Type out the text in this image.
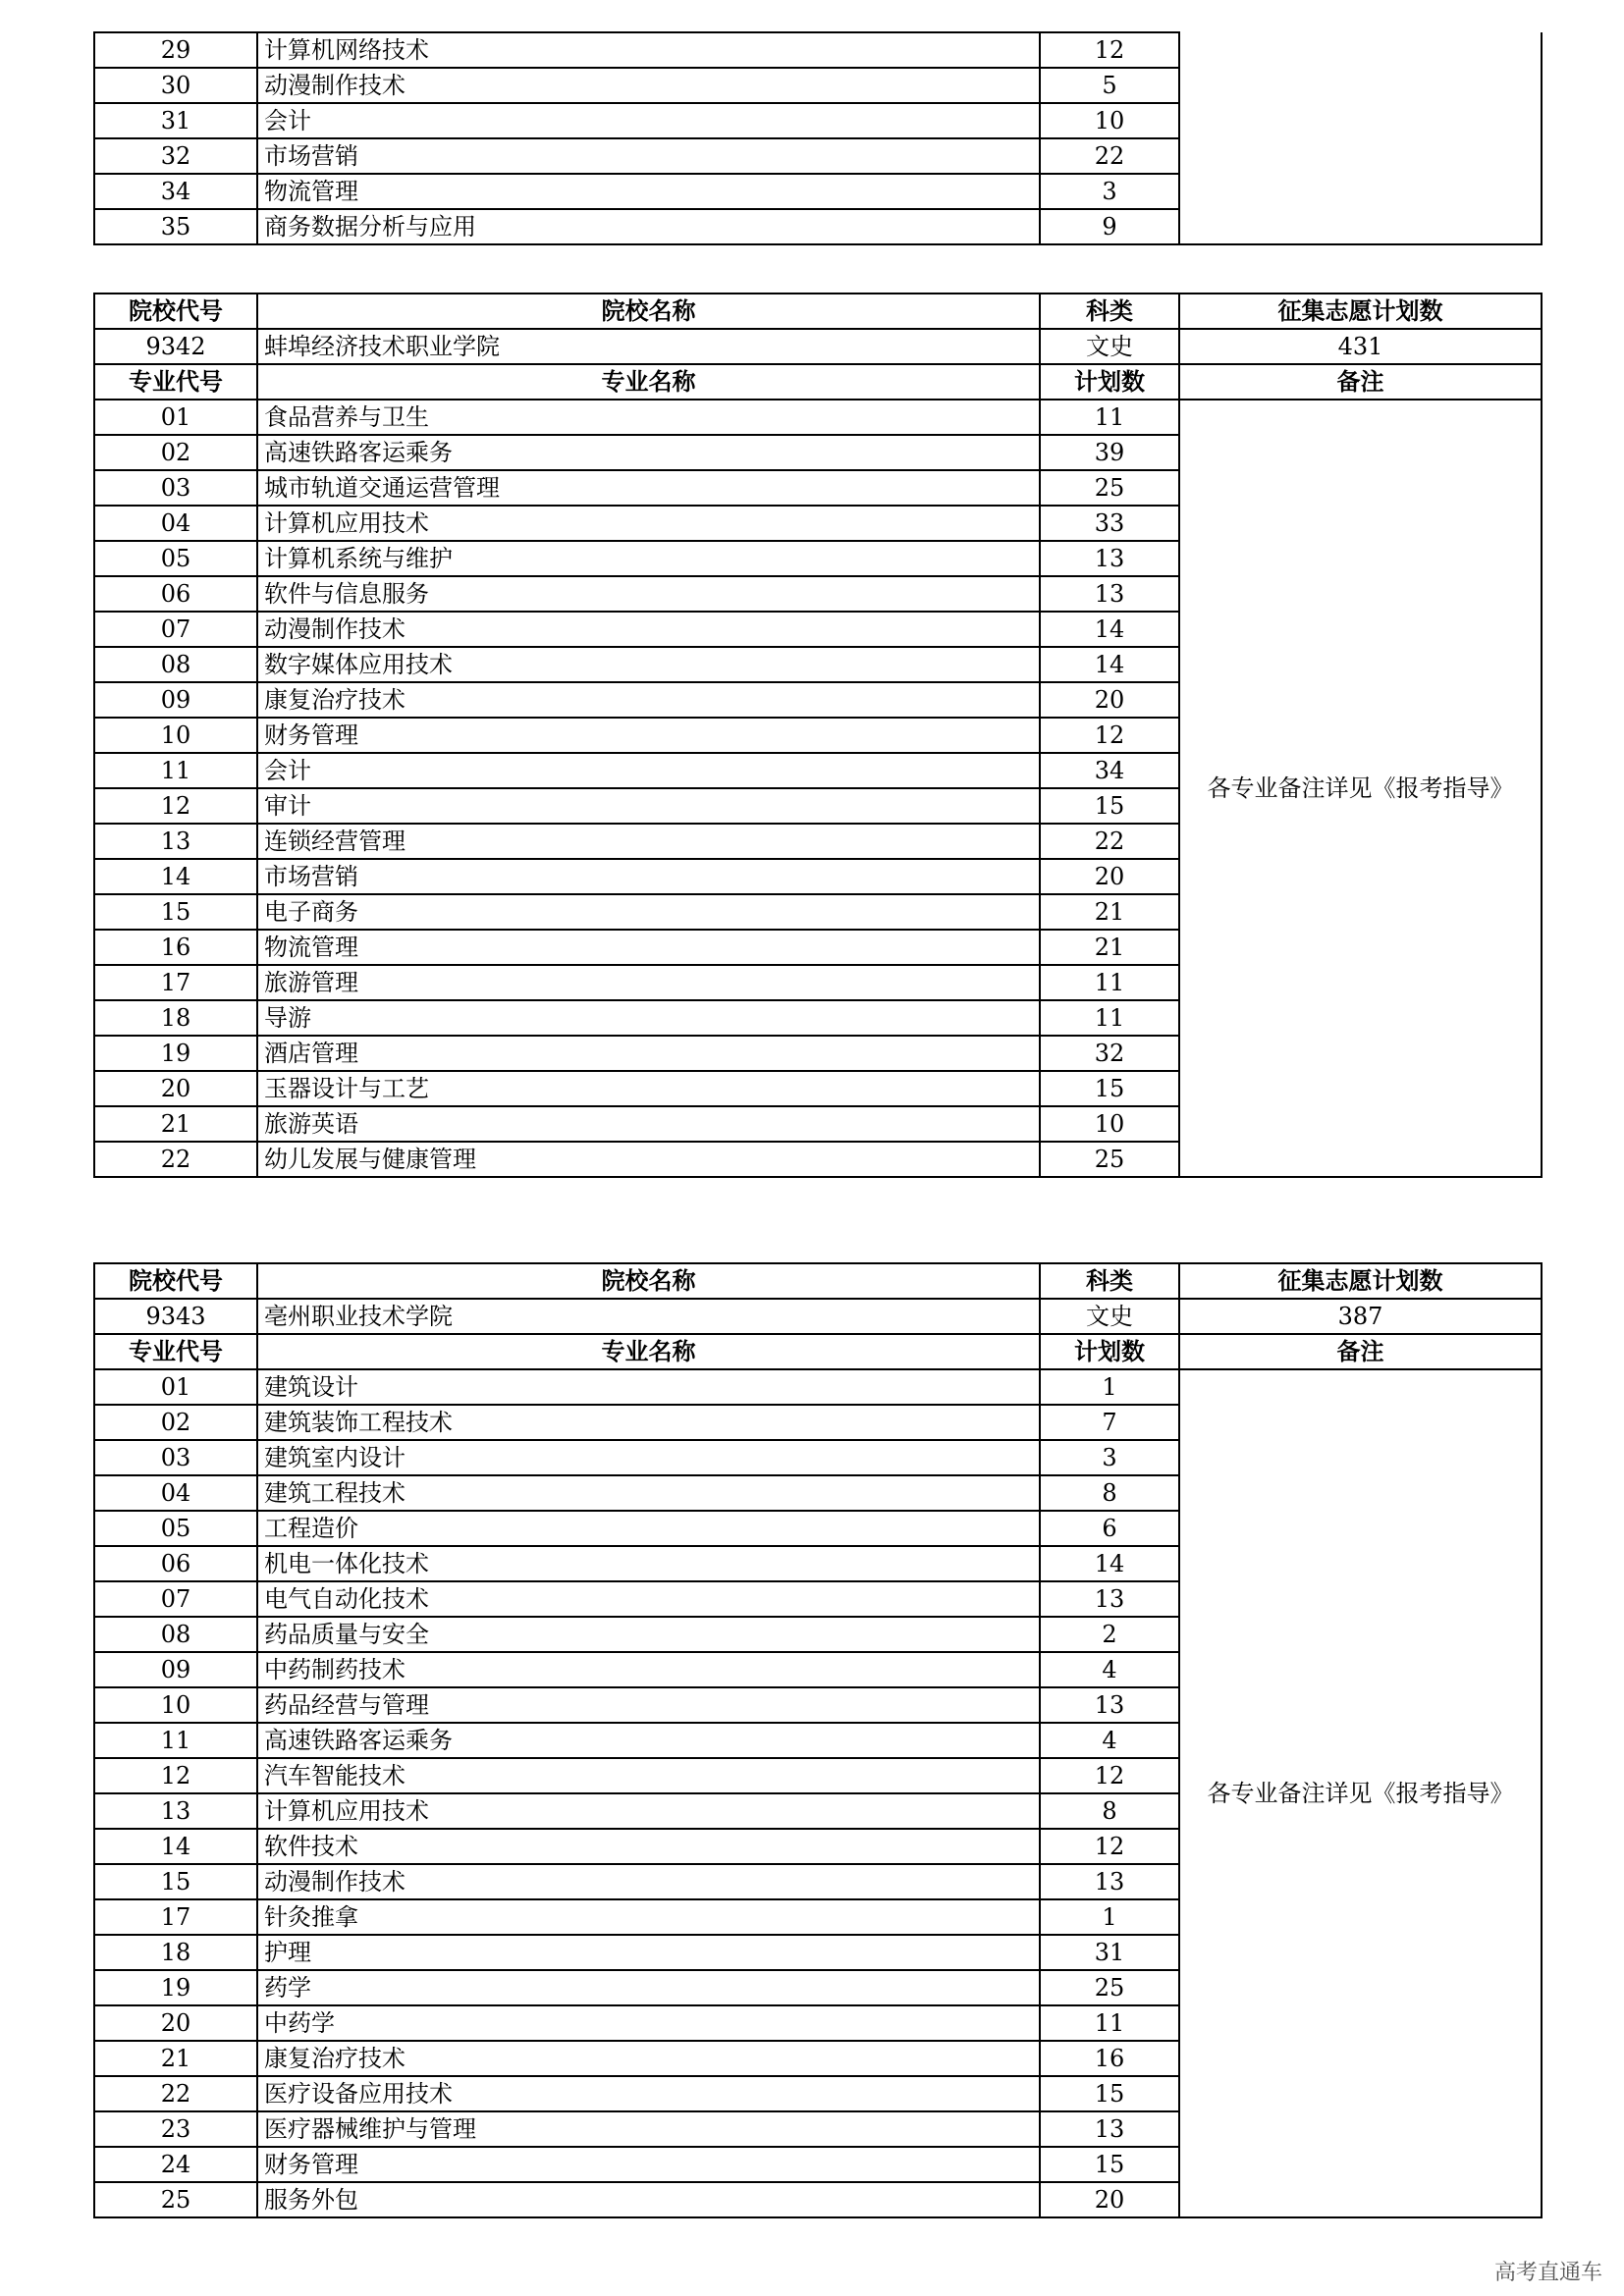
29	计算机网络技术	12	
30	动漫制作技术	5	
31	会计	10	
32	市场营销	22	
34	物流管理	3	
35	商务数据分析与应用	9	
院校代号	院校名称	科类	征集志愿计划数
9342	蚌埠经济技术职业学院	文史	431
专业代号	专业名称	计划数	备注
01	食品营养与卫生	11	各专业备注详见《报考指导》
02	高速铁路客运乘务	39	
03	城市轨道交通运营管理	25	
04	计算机应用技术	33	
05	计算机系统与维护	13	
06	软件与信息服务	13	
07	动漫制作技术	14	
08	数字媒体应用技术	14	
09	康复治疗技术	20	
10	财务管理	12	
11	会计	34	
12	审计	15	
13	连锁经营管理	22	
14	市场营销	20	
15	电子商务	21	
16	物流管理	21	
17	旅游管理	11	
18	导游	11	
19	酒店管理	32	
20	玉器设计与工艺	15	
21	旅游英语	10	
22	幼儿发展与健康管理	25	
院校代号	院校名称	科类	征集志愿计划数
9343	亳州职业技术学院	文史	387
专业代号	专业名称	计划数	备注
01	建筑设计	1	各专业备注详见《报考指导》
02	建筑装饰工程技术	7	
03	建筑室内设计	3	
04	建筑工程技术	8	
05	工程造价	6	
06	机电一体化技术	14	
07	电气自动化技术	13	
08	药品质量与安全	2	
09	中药制药技术	4	
10	药品经营与管理	13	
11	高速铁路客运乘务	4	
12	汽车智能技术	12	
13	计算机应用技术	8	
14	软件技术	12	
15	动漫制作技术	13	
17	针灸推拿	1	
18	护理	31	
19	药学	25	
20	中药学	11	
21	康复治疗技术	16	
22	医疗设备应用技术	15	
23	医疗器械维护与管理	13	
24	财务管理	15	
25	服务外包	20	
高考直通车
